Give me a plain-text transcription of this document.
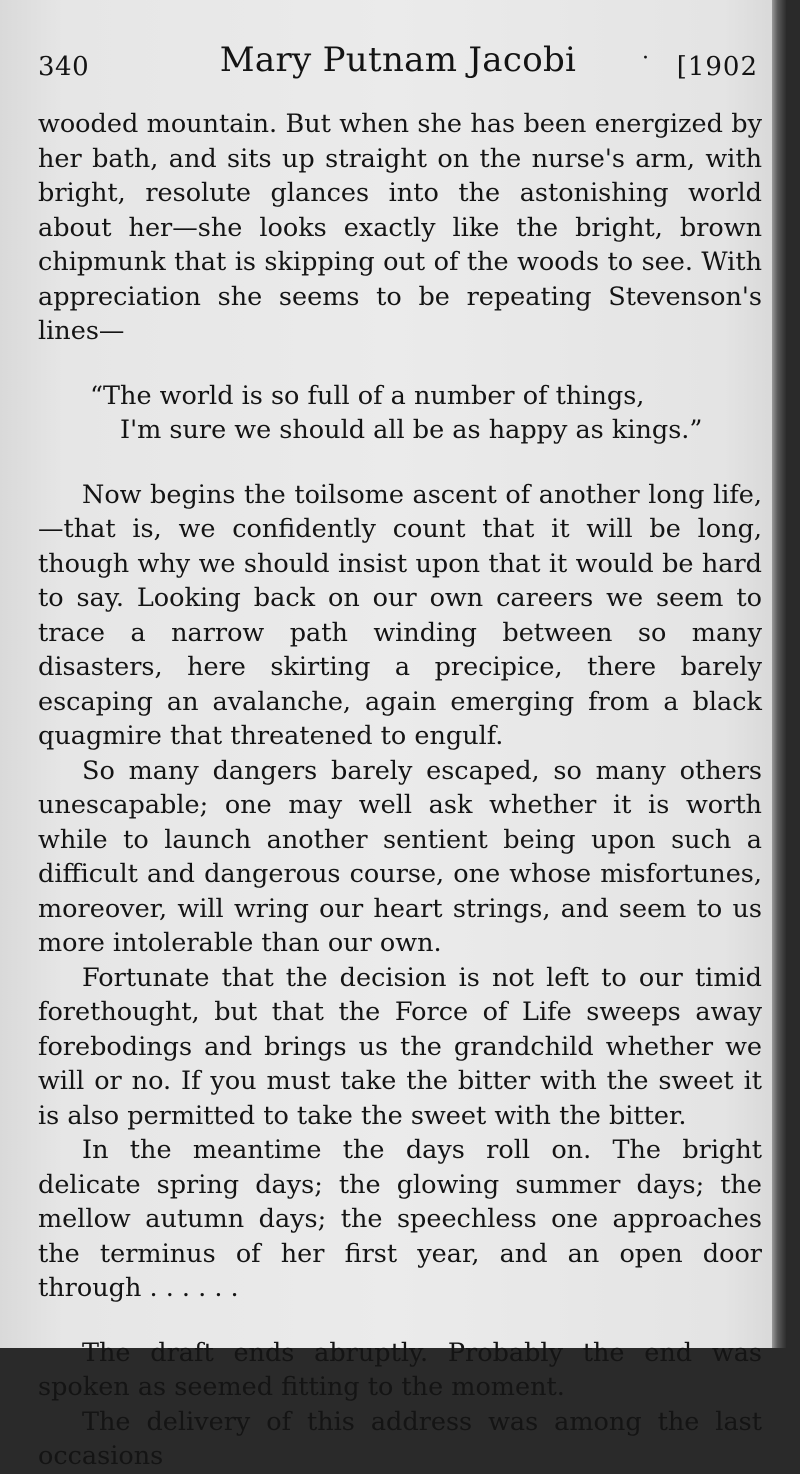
340	Mary Putnam Jacobi	· [1902

wooded mountain. But when she has been energized by her bath, and sits up straight on the nurse's arm, with bright, resolute glances into the astonishing world about her—she looks exactly like the bright, brown chipmunk that is skipping out of the woods to see. With appreciation she seems to be repeating Stevenson's lines—

“The world is so full of a number of things,
I'm sure we should all be as happy as kings.”

Now begins the toilsome ascent of another long life,—that is, we confidently count that it will be long, though why we should insist upon that it would be hard to say. Looking back on our own careers we seem to trace a narrow path winding between so many disasters, here skirting a precipice, there barely escaping an avalanche, again emerging from a black quagmire that threatened to engulf.

So many dangers barely escaped, so many others unescapable; one may well ask whether it is worth while to launch another sentient being upon such a difficult and dangerous course, one whose misfortunes, moreover, will wring our heart strings, and seem to us more intolerable than our own.

Fortunate that the decision is not left to our timid forethought, but that the Force of Life sweeps away forebodings and brings us the grandchild whether we will or no. If you must take the bitter with the sweet it is also permitted to take the sweet with the bitter.

In the meantime the days roll on. The bright delicate spring days; the glowing summer days; the mellow autumn days; the speechless one approaches the terminus of her first year, and an open door through . . . . . .

The draft ends abruptly. Probably the end was spoken as seemed fitting to the moment.

The delivery of this address was among the last occasions
